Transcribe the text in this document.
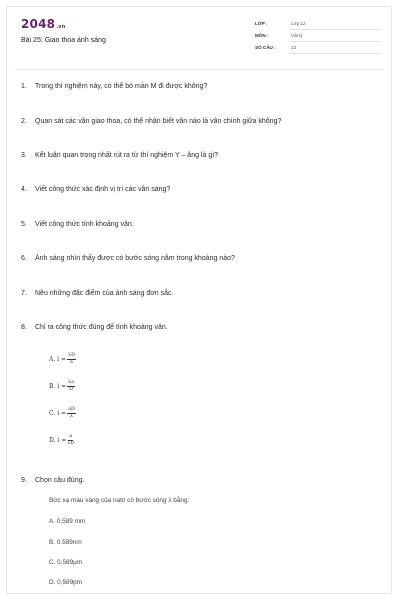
2048.vn
Bài 25: Giao thoa ánh sáng
LỚP :	Lớp 12
MÔN :	Vật lý
SỐ CÂU :	13
1. Trong thí nghiệm này, có thể bỏ màn M đi được không?
2. Quan sát các vân giao thoa, có thể nhận biết vân nào là vân chính giữa không?
3. Kết luận quan trọng nhất rút ra từ thí nghiệm Y – âng là gì?
4. Viết công thức xác định vị trí các vân sáng?
5. Viết công thức tính khoảng vân.
6. Ánh sáng nhìn thấy được có bước sóng nằm trong khoảng nào?
7. Nêu những đặc điểm của ánh sáng đơn sắc.
8. Chỉ ra công thức đúng để tính khoảng vân.
A.
$i = \frac{\lambda D}{a}$
B.
$i = \frac{\lambda a}{D}$
C.
$i = \frac{aD}{\lambda}$
D.
$i = \frac{a}{\lambda D}$
9. Chọn câu đúng.
Bức xạ màu vàng của natri có bước sóng λ bằng:
A. 0,589 mm
B. 0.589nm
C. 0,589μm
D. 0,589pm
